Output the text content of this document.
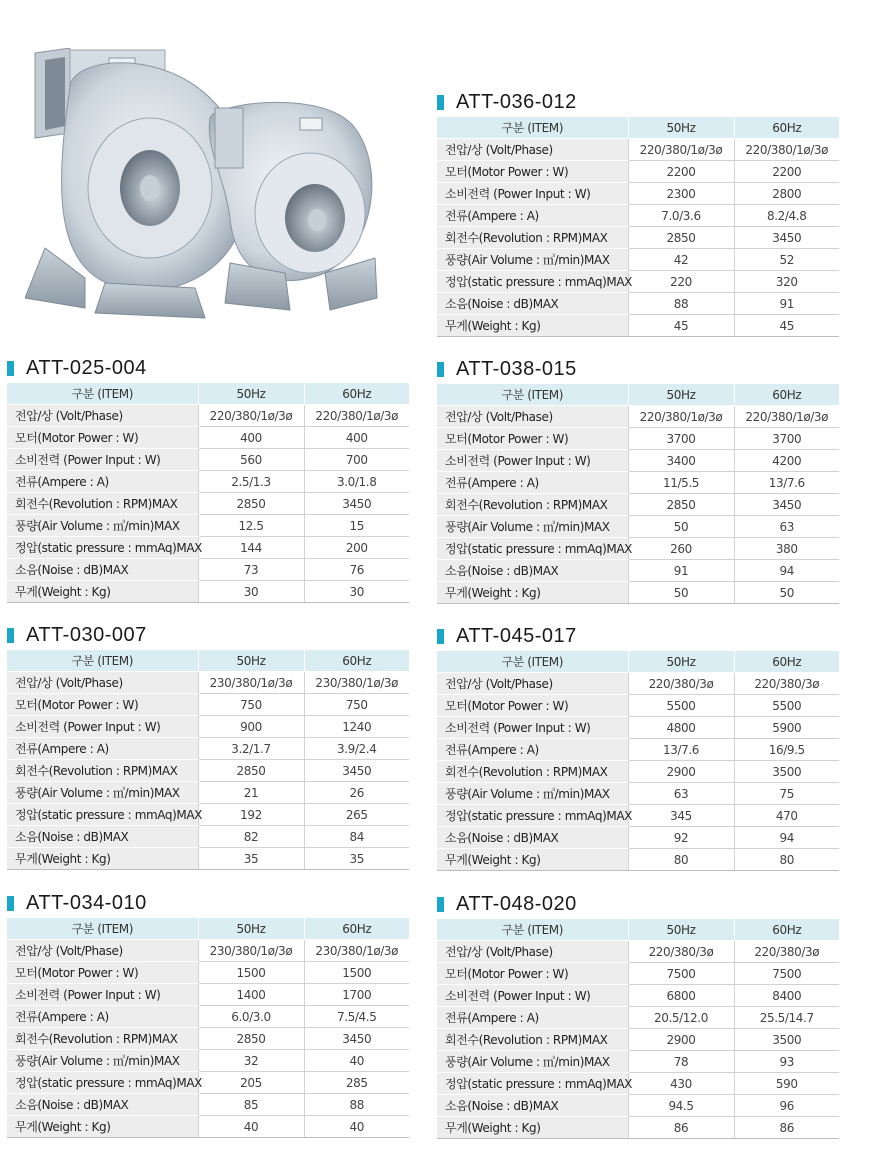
ATT-036-012
구분 (ITEM)	50Hz	60Hz
전압/상 (Volt/Phase)	220/380/1ø/3ø	220/380/1ø/3ø
모터(Motor Power : W)	2200	2200
소비전력 (Power Input : W)	2300	2800
전류(Ampere : A)	7.0/3.6	8.2/4.8
회전수(Revolution : RPM)MAX	2850	3450
풍량(Air Volume : ㎥/min)MAX	42	52
정압(static pressure : mmAq)MAX	220	320
소음(Noise : dB)MAX	88	91
무게(Weight : Kg)	45	45
ATT-025-004
구분 (ITEM)	50Hz	60Hz
전압/상 (Volt/Phase)	220/380/1ø/3ø	220/380/1ø/3ø
모터(Motor Power : W)	400	400
소비전력 (Power Input : W)	560	700
전류(Ampere : A)	2.5/1.3	3.0/1.8
회전수(Revolution : RPM)MAX	2850	3450
풍량(Air Volume : ㎥/min)MAX	12.5	15
정압(static pressure : mmAq)MAX	144	200
소음(Noise : dB)MAX	73	76
무게(Weight : Kg)	30	30
ATT-038-015
구분 (ITEM)	50Hz	60Hz
전압/상 (Volt/Phase)	220/380/1ø/3ø	220/380/1ø/3ø
모터(Motor Power : W)	3700	3700
소비전력 (Power Input : W)	3400	4200
전류(Ampere : A)	11/5.5	13/7.6
회전수(Revolution : RPM)MAX	2850	3450
풍량(Air Volume : ㎥/min)MAX	50	63
정압(static pressure : mmAq)MAX	260	380
소음(Noise : dB)MAX	91	94
무게(Weight : Kg)	50	50
ATT-030-007
구분 (ITEM)	50Hz	60Hz
전압/상 (Volt/Phase)	230/380/1ø/3ø	230/380/1ø/3ø
모터(Motor Power : W)	750	750
소비전력 (Power Input : W)	900	1240
전류(Ampere : A)	3.2/1.7	3.9/2.4
회전수(Revolution : RPM)MAX	2850	3450
풍량(Air Volume : ㎥/min)MAX	21	26
정압(static pressure : mmAq)MAX	192	265
소음(Noise : dB)MAX	82	84
무게(Weight : Kg)	35	35
ATT-045-017
구분 (ITEM)	50Hz	60Hz
전압/상 (Volt/Phase)	220/380/3ø	220/380/3ø
모터(Motor Power : W)	5500	5500
소비전력 (Power Input : W)	4800	5900
전류(Ampere : A)	13/7.6	16/9.5
회전수(Revolution : RPM)MAX	2900	3500
풍량(Air Volume : ㎥/min)MAX	63	75
정압(static pressure : mmAq)MAX	345	470
소음(Noise : dB)MAX	92	94
무게(Weight : Kg)	80	80
ATT-034-010
구분 (ITEM)	50Hz	60Hz
전압/상 (Volt/Phase)	230/380/1ø/3ø	230/380/1ø/3ø
모터(Motor Power : W)	1500	1500
소비전력 (Power Input : W)	1400	1700
전류(Ampere : A)	6.0/3.0	7.5/4.5
회전수(Revolution : RPM)MAX	2850	3450
풍량(Air Volume : ㎥/min)MAX	32	40
정압(static pressure : mmAq)MAX	205	285
소음(Noise : dB)MAX	85	88
무게(Weight : Kg)	40	40
ATT-048-020
구분 (ITEM)	50Hz	60Hz
전압/상 (Volt/Phase)	220/380/3ø	220/380/3ø
모터(Motor Power : W)	7500	7500
소비전력 (Power Input : W)	6800	8400
전류(Ampere : A)	20.5/12.0	25.5/14.7
회전수(Revolution : RPM)MAX	2900	3500
풍량(Air Volume : ㎥/min)MAX	78	93
정압(static pressure : mmAq)MAX	430	590
소음(Noise : dB)MAX	94.5	96
무게(Weight : Kg)	86	86
